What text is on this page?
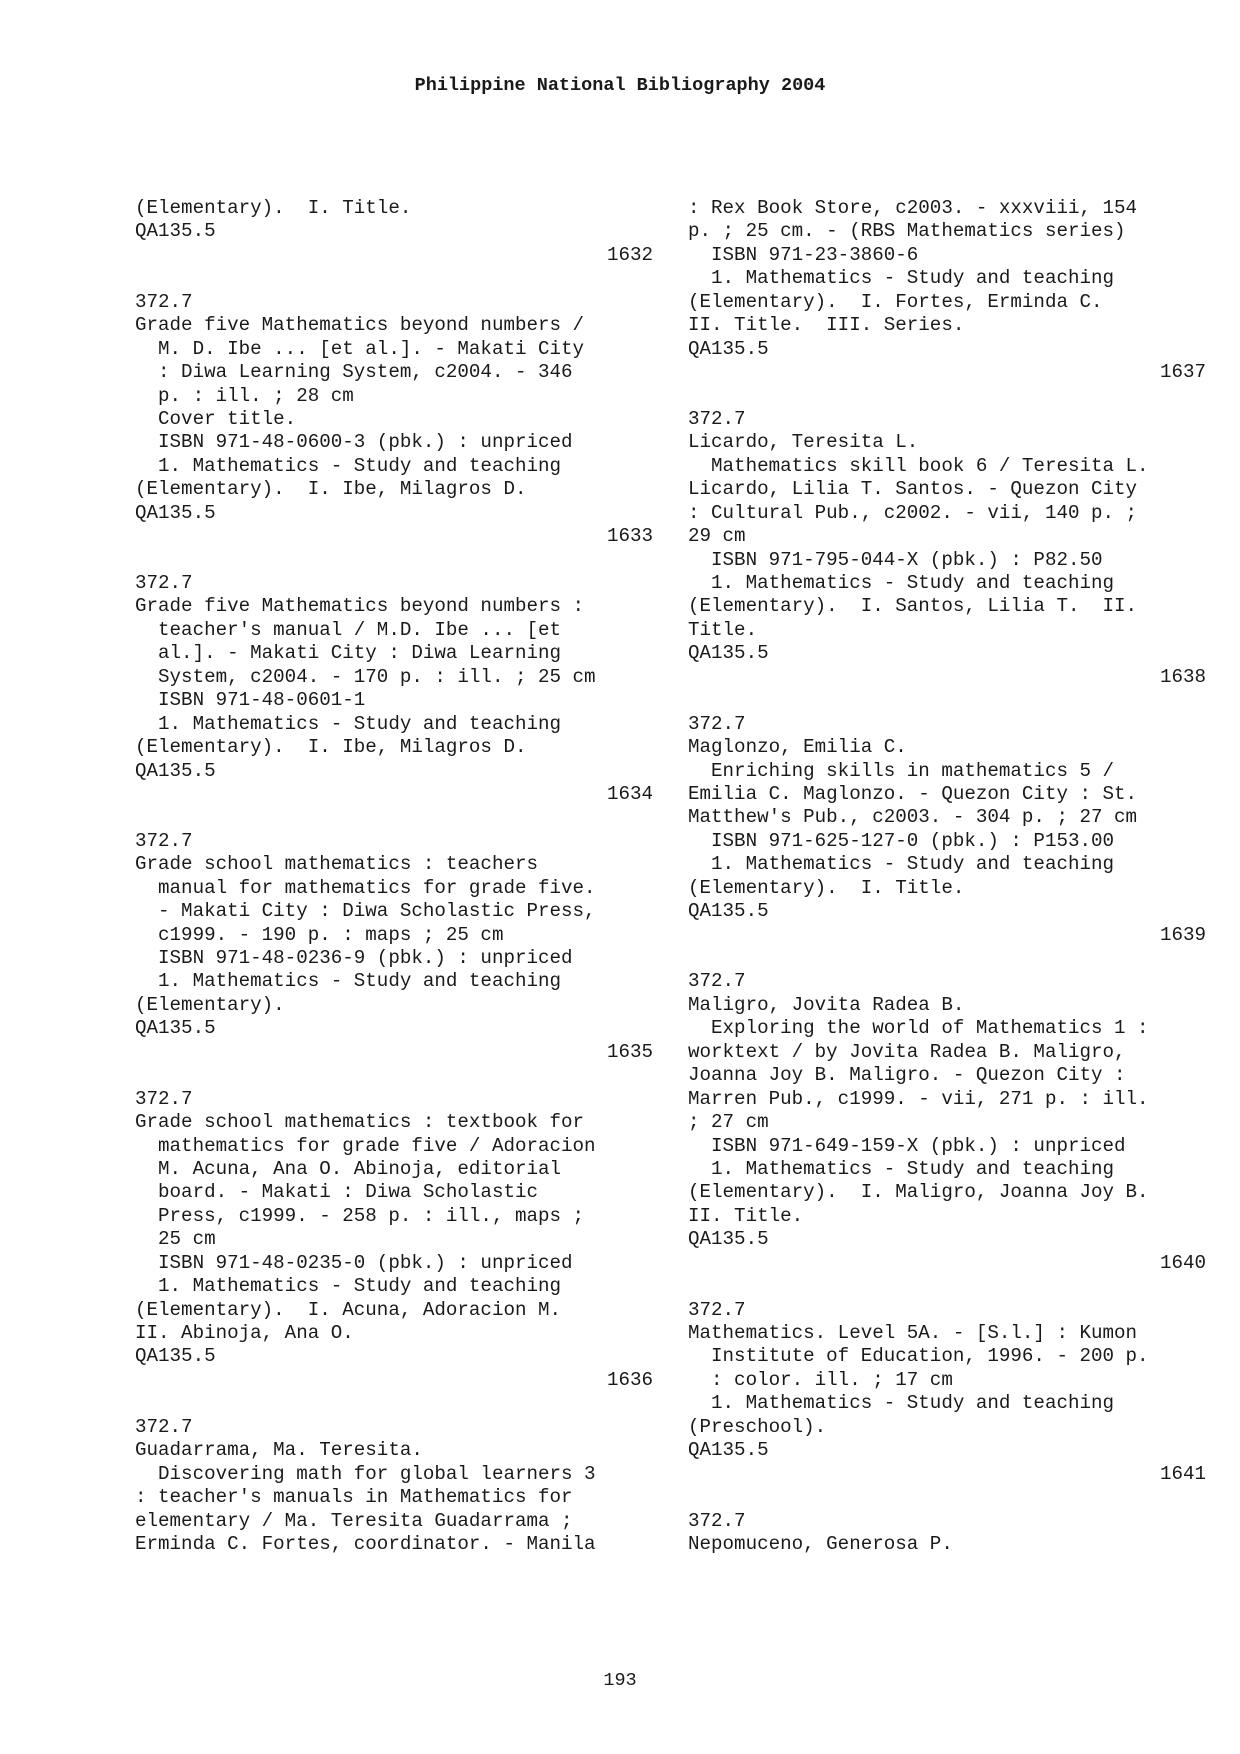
Philippine National Bibliography 2004
(Elementary).  I. Title.
QA135.5
1632
372.7
Grade five Mathematics beyond numbers /
M. D. Ibe ... [et al.]. - Makati City
: Diwa Learning System, c2004. - 346
p. : ill. ; 28 cm
Cover title.
ISBN 971-48-0600-3 (pbk.) : unpriced
1. Mathematics - Study and teaching
(Elementary).  I. Ibe, Milagros D.
QA135.5
1633
372.7
Grade five Mathematics beyond numbers :
teacher's manual / M.D. Ibe ... [et
al.]. - Makati City : Diwa Learning
System, c2004. - 170 p. : ill. ; 25 cm
ISBN 971-48-0601-1
1. Mathematics - Study and teaching
(Elementary).  I. Ibe, Milagros D.
QA135.5
1634
372.7
Grade school mathematics : teachers
manual for mathematics for grade five.
- Makati City : Diwa Scholastic Press,
c1999. - 190 p. : maps ; 25 cm
ISBN 971-48-0236-9 (pbk.) : unpriced
1. Mathematics - Study and teaching
(Elementary).
QA135.5
1635
372.7
Grade school mathematics : textbook for
mathematics for grade five / Adoracion
M. Acuna, Ana O. Abinoja, editorial
board. - Makati : Diwa Scholastic
Press, c1999. - 258 p. : ill., maps ;
25 cm
ISBN 971-48-0235-0 (pbk.) : unpriced
1. Mathematics - Study and teaching
(Elementary).  I. Acuna, Adoracion M.
II. Abinoja, Ana O.
QA135.5
1636
372.7
Guadarrama, Ma. Teresita.
Discovering math for global learners 3
: teacher's manuals in Mathematics for
elementary / Ma. Teresita Guadarrama ;
Erminda C. Fortes, coordinator. - Manila
: Rex Book Store, c2003. - xxxviii, 154
p. ; 25 cm. - (RBS Mathematics series)
ISBN 971-23-3860-6
1. Mathematics - Study and teaching
(Elementary).  I. Fortes, Erminda C.
II. Title.  III. Series.
QA135.5
1637
372.7
Licardo, Teresita L.
Mathematics skill book 6 / Teresita L.
Licardo, Lilia T. Santos. - Quezon City
: Cultural Pub., c2002. - vii, 140 p. ;
29 cm
ISBN 971-795-044-X (pbk.) : P82.50
1. Mathematics - Study and teaching
(Elementary).  I. Santos, Lilia T.  II.
Title.
QA135.5
1638
372.7
Maglonzo, Emilia C.
Enriching skills in mathematics 5 /
Emilia C. Maglonzo. - Quezon City : St.
Matthew's Pub., c2003. - 304 p. ; 27 cm
ISBN 971-625-127-0 (pbk.) : P153.00
1. Mathematics - Study and teaching
(Elementary).  I. Title.
QA135.5
1639
372.7
Maligro, Jovita Radea B.
Exploring the world of Mathematics 1 :
worktext / by Jovita Radea B. Maligro,
Joanna Joy B. Maligro. - Quezon City :
Marren Pub., c1999. - vii, 271 p. : ill.
; 27 cm
ISBN 971-649-159-X (pbk.) : unpriced
1. Mathematics - Study and teaching
(Elementary).  I. Maligro, Joanna Joy B.
II. Title.
QA135.5
1640
372.7
Mathematics. Level 5A. - [S.l.] : Kumon
Institute of Education, 1996. - 200 p.
: color. ill. ; 17 cm
1. Mathematics - Study and teaching
(Preschool).
QA135.5
1641
372.7
Nepomuceno, Generosa P.
193
